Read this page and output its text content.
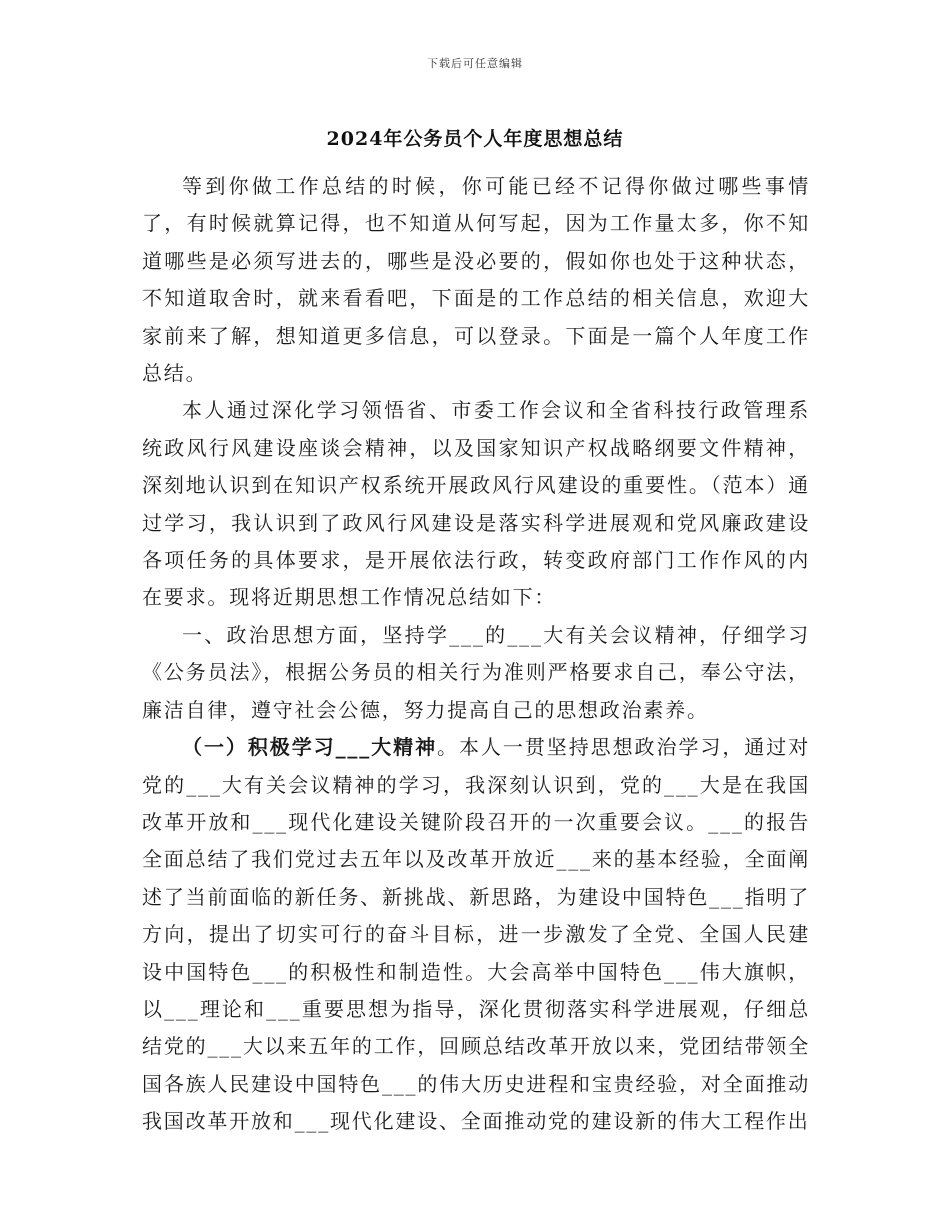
下载后可任意编辑
2024年公务员个人年度思想总结

等到你做工作总结的时候，你可能已经不记得你做过哪些事情了，有时候就算记得，也不知道从何写起，因为工作量太多，你不知道哪些是必须写进去的，哪些是没必要的，假如你也处于这种状态，不知道取舍时，就来看看吧，下面是的工作总结的相关信息，欢迎大家前来了解，想知道更多信息，可以登录。下面是一篇个人年度工作总结。

本人通过深化学习领悟省、市委工作会议和全省科技行政管理系统政风行风建设座谈会精神，以及国家知识产权战略纲要文件精神，深刻地认识到在知识产权系统开展政风行风建设的重要性。（范本）通过学习，我认识到了政风行风建设是落实科学进展观和党风廉政建设各项任务的具体要求，是开展依法行政，转变政府部门工作作风的内在要求。现将近期思想工作情况总结如下：

一、政治思想方面，坚持学___的___大有关会议精神，仔细学习《公务员法》，根据公务员的相关行为准则严格要求自己，奉公守法，廉洁自律，遵守社会公德，努力提高自己的思想政治素养。

（一）积极学习___大精神。本人一贯坚持思想政治学习，通过对党的___大有关会议精神的学习，我深刻认识到，党的___大是在我国改革开放和___现代化建设关键阶段召开的一次重要会议。___的报告全面总结了我们党过去五年以及改革开放近___来的基本经验，全面阐述了当前面临的新任务、新挑战、新思路，为建设中国特色___指明了方向，提出了切实可行的奋斗目标，进一步激发了全党、全国人民建设中国特色___的积极性和制造性。大会高举中国特色___伟大旗帜，以___理论和___重要思想为指导，深化贯彻落实科学进展观，仔细总结党的___大以来五年的工作，回顾总结改革开放以来，党团结带领全国各族人民建设中国特色___的伟大历史进程和宝贵经验，对全面推动我国改革开放和___现代化建设、全面推动党的建设新的伟大工程作出
